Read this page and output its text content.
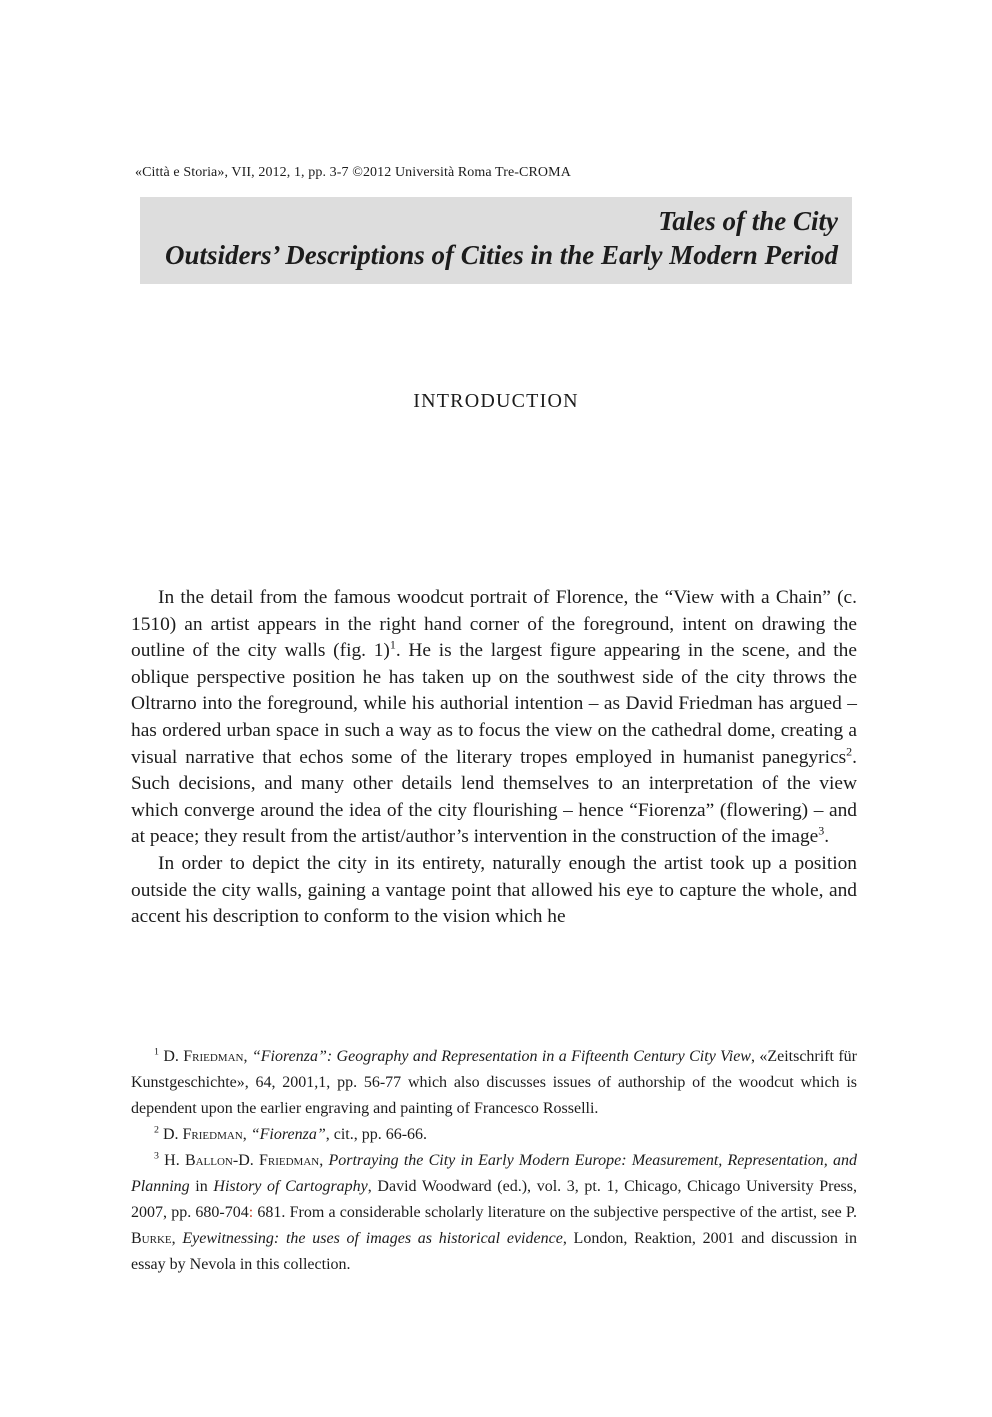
«Città e Storia», VII, 2012, 1, pp. 3-7 ©2012 Università Roma Tre-CROMA
Tales of the City
Outsiders’ Descriptions of Cities in the Early Modern Period
INTRODUCTION

In the detail from the famous woodcut portrait of Florence, the “View with a Chain” (c. 1510) an artist appears in the right hand corner of the foreground, intent on drawing the outline of the city walls (fig. 1)$^1$. He is the largest figure appearing in the scene, and the oblique perspective position he has taken up on the southwest side of the city throws the Oltrarno into the foreground, while his authorial intention – as David Friedman has argued – has ordered urban space in such a way as to focus the view on the cathedral dome, creating a visual narrative that echos some of the literary tropes employed in humanist panegyrics$^2$. Such decisions, and many other details lend themselves to an interpretation of the view which converge around the idea of the city flourishing – hence “Fiorenza” (flowering) – and at peace; they result from the artist/author’s intervention in the construction of the image$^3$.

In order to depict the city in its entirety, naturally enough the artist took up a position outside the city walls, gaining a vantage point that allowed his eye to capture the whole, and accent his description to conform to the vision which he

$^1$ D. Friedman, “Fiorenza”: Geography and Representation in a Fifteenth Century City View, «Zeitschrift für Kunstgeschichte», 64, 2001,1, pp. 56-77 which also discusses issues of authorship of the woodcut which is dependent upon the earlier engraving and painting of Francesco Rosselli.

$^2$ D. Friedman, “Fiorenza”, cit., pp. 66-66.

$^3$ H. Ballon-D. Friedman, Portraying the City in Early Modern Europe: Measurement, Representation, and Planning in History of Cartography, David Woodward (ed.), vol. 3, pt. 1, Chicago, Chicago University Press, 2007, pp. 680-704: 681. From a considerable scholarly literature on the subjective perspective of the artist, see P. Burke, Eyewitnessing: the uses of images as historical evidence, London, Reaktion, 2001 and discussion in essay by Nevola in this collection.
